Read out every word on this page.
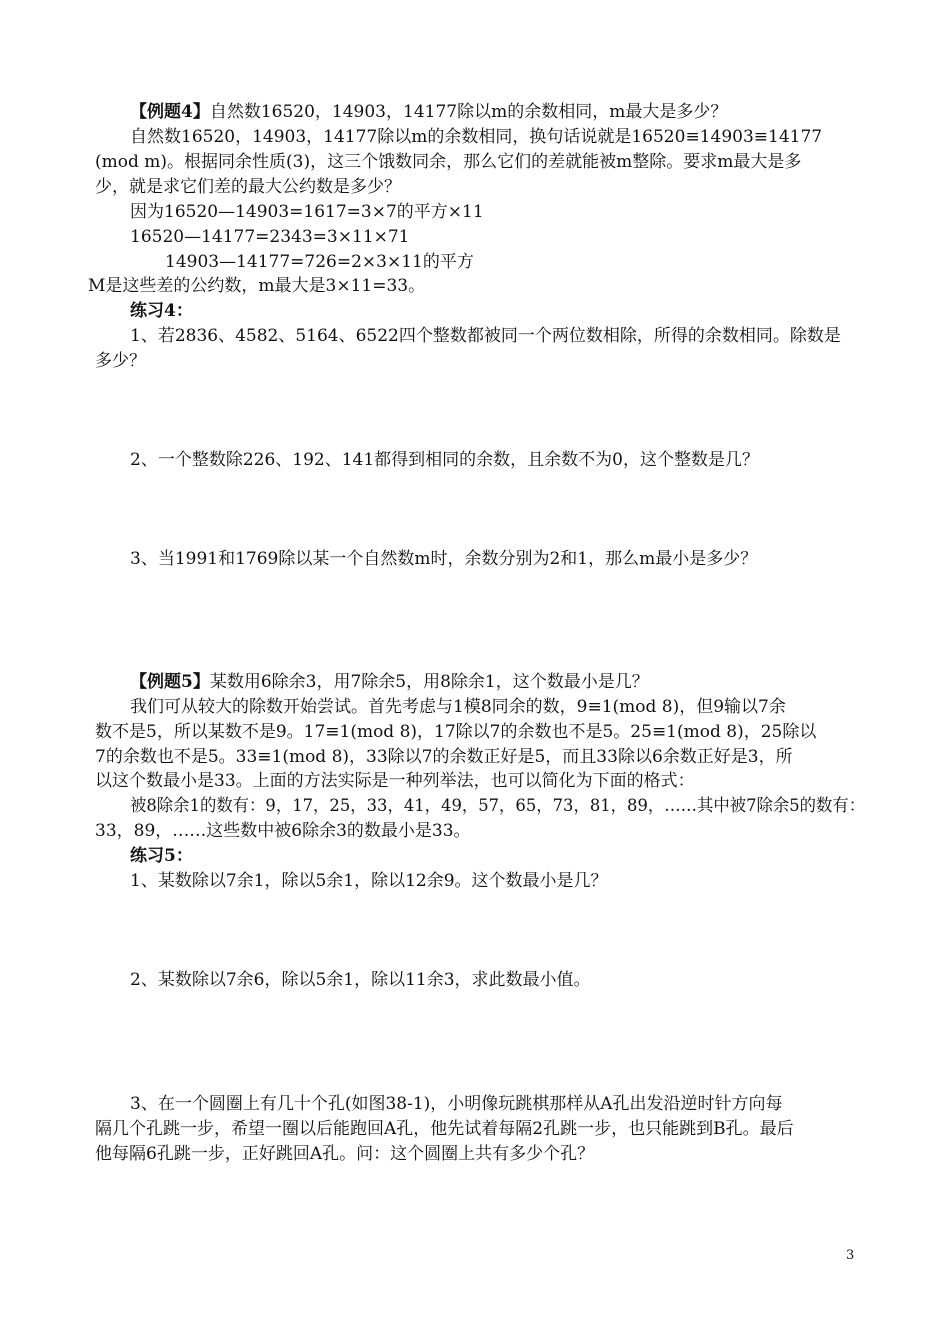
【例题4】自然数16520，14903，14177除以m的余数相同，m最大是多少？
自然数16520，14903，14177除以m的余数相同，换句话说就是16520≡14903≡14177
(mod m)。根据同余性质(3)，这三个饿数同余，那么它们的差就能被m整除。要求m最大是多
少，就是求它们差的最大公约数是多少？
因为16520—14903=1617=3×7的平方×11
16520—14177=2343=3×11×71
14903—14177=726=2×3×11的平方
M是这些差的公约数，m最大是3×11=33。
练习4：
1、若2836、4582、5164、6522四个整数都被同一个两位数相除，所得的余数相同。除数是
多少？
2、一个整数除226、192、141都得到相同的余数，且余数不为0，这个整数是几？
3、当1991和1769除以某一个自然数m时，余数分别为2和1，那么m最小是多少？
【例题5】某数用6除余3，用7除余5，用8除余1，这个数最小是几？
我们可从较大的除数开始尝试。首先考虑与1模8同余的数，9≡1(mod 8)，但9输以7余
数不是5，所以某数不是9。17≡1(mod 8)，17除以7的余数也不是5。25≡1(mod 8)，25除以
7的余数也不是5。33≡1(mod 8)，33除以7的余数正好是5，而且33除以6余数正好是3，所
以这个数最小是33。上面的方法实际是一种列举法，也可以简化为下面的格式：
被8除余1的数有：9，17，25，33，41，49，57，65，73，81，89，……其中被7除余5的数有：
33，89，……这些数中被6除余3的数最小是33。
练习5：
1、某数除以7余1，除以5余1，除以12余9。这个数最小是几？
2、某数除以7余6，除以5余1，除以11余3，求此数最小值。
3、在一个圆圈上有几十个孔(如图38-1)，小明像玩跳棋那样从A孔出发沿逆时针方向每
隔几个孔跳一步，希望一圈以后能跑回A孔，他先试着每隔2孔跳一步，也只能跳到B孔。最后
他每隔6孔跳一步，正好跳回A孔。问：这个圆圈上共有多少个孔？
3
